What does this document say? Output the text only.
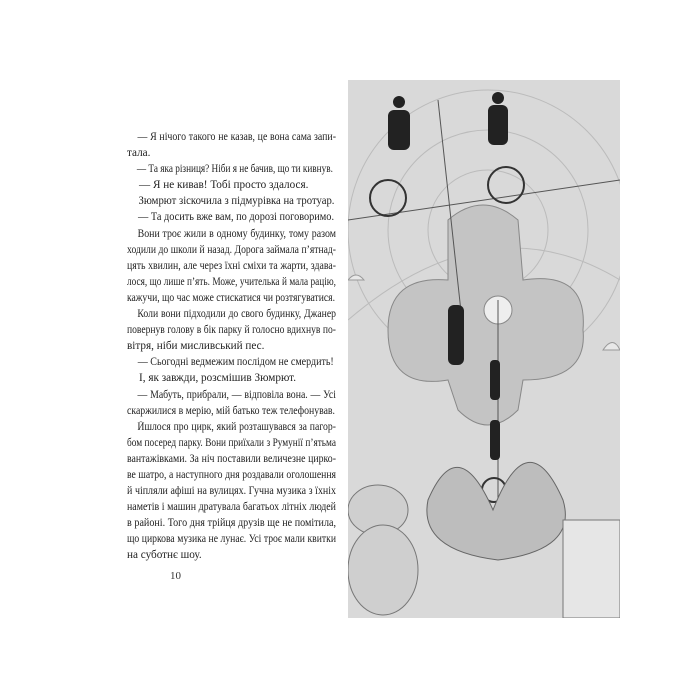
— Я нічого такого не казав, це вона сама запи-
тала.
— Та яка різниця? Ніби я не бачив, що ти кивнув.
— Я не кивав! Тобі просто здалося.
Зюмрют зіскочила з підмурівка на тротуар.
— Та досить вже вам, по дорозі поговоримо.
Вони троє жили в одному будинку, тому разом
ходили до школи й назад. Дорога займала п’ятнад-
цять хвилин, але через їхні сміхи та жарти, здава-
лося, що лише п’ять. Може, учителька й мала рацію,
кажучи, що час може стискатися чи розтягуватися.
Коли вони підходили до свого будинку, Джанер
повернув голову в бік парку й голосно вдихнув по-
вітря, ніби мисливський пес.
— Сьогодні ведмежим послідом не смердить!
І, як завжди, розсмішив Зюмрют.
— Мабуть, прибрали, — відповіла вона. — Усі
скаржилися в мерію, мій батько теж телефонував.
Йшлося про цирк, який розташувався за пагор-
бом посеред парку. Вони приїхали з Румунії п’ятьма
вантажівками. За ніч поставили величезне цирко-
ве шатро, а наступного дня роздавали оголошення
й чіпляли афіші на вулицях. Гучна музика з їхніх
наметів і машин дратувала багатьох літніх людей
в районі. Того дня трійця друзів ще не помітила,
що циркова музика не лунає. Усі троє мали квитки
на суботнє шоу.
10
